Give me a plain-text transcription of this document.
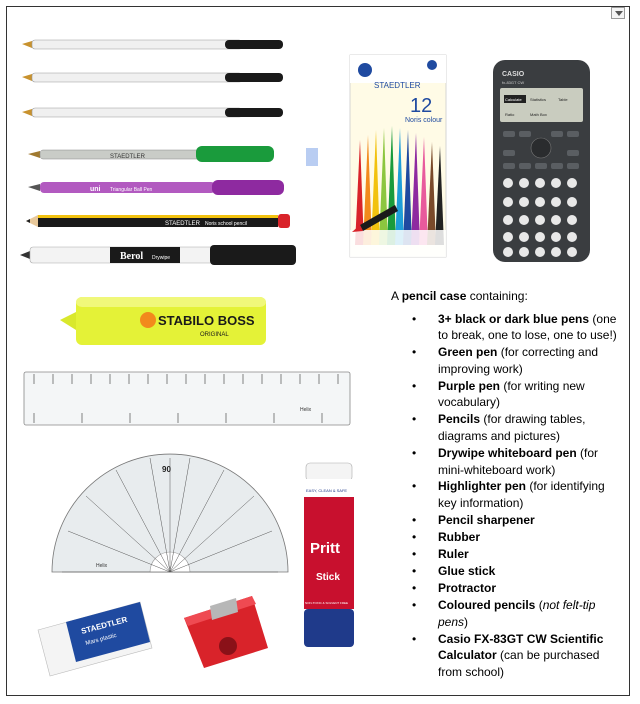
STAEDTLER
uni Triangular Ball Pen
STAEDTLER Noris school pencil
Berol Drywipe
STAEDTLER
12
Noris colour
CASIO
fx-83GT CW
Calculate Statistics	Table
Ratio	Math Box
STABILO BOSS
ORIGINAL
Helix
90
Helix
EASY, CLEAN & SAFE
Pritt
Stick
NON-TOXIC & SOLVENT FREE
STAEDTLER
Mars plastic

A pencil case containing:

• 3+ black or dark blue pens (one to break, one to lose, one to use!)
• Green pen (for correcting and improving work)
• Purple pen (for writing new vocabulary)
• Pencils (for drawing tables, diagrams and pictures)
• Drywipe whiteboard pen (for mini-whiteboard work)
• Highlighter pen (for identifying key information)
• Pencil sharpener
• Rubber
• Ruler
• Glue stick
• Protractor
• Coloured pencils (not felt-tip pens)
• Casio FX-83GT CW Scientific Calculator (can be purchased from school)
